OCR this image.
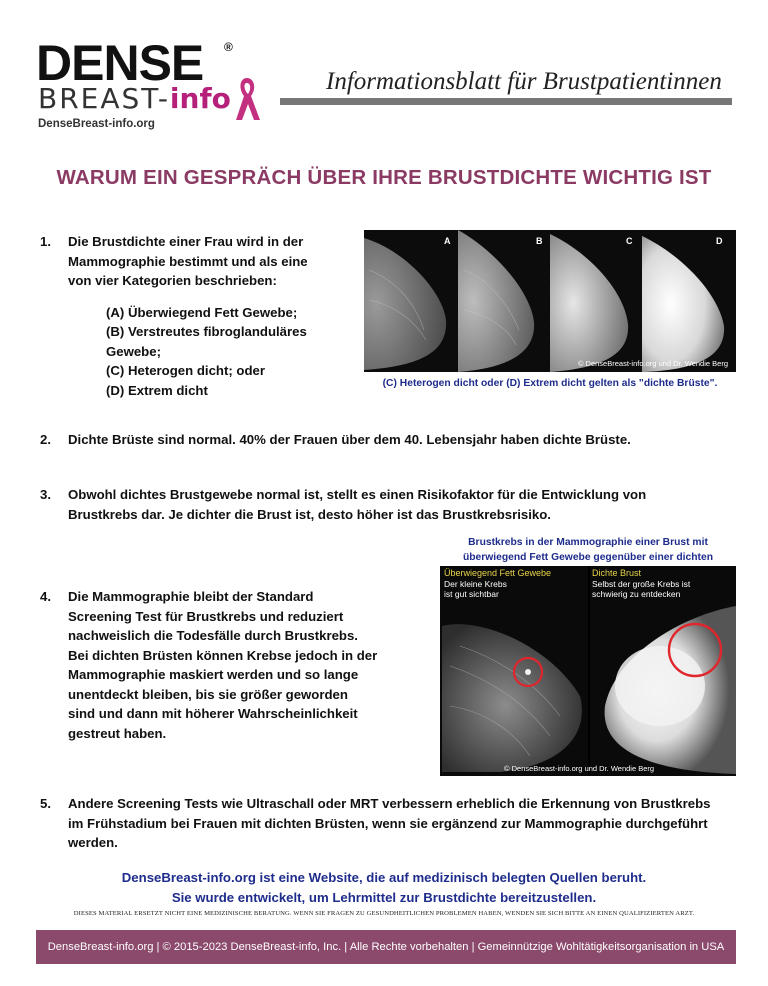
DENSE ®
BREAST-info
DenseBreast-info.org
Informationsblatt für Brustpatientinnen
WARUM EIN GESPRÄCH ÜBER IHRE BRUSTDICHTE WICHTIG IST
1. Die Brustdichte einer Frau wird in der
Mammographie bestimmt und als eine
von vier Kategorien beschrieben:
(A) Überwiegend Fett Gewebe;
(B) Verstreutes fibroglanduläres Gewebe;
(C) Heterogen dicht; oder
(D) Extrem dicht
A	B	C	D
© DenseBreast-info.org und Dr. Wendie Berg
(C) Heterogen dicht oder (D) Extrem dicht gelten als "dichte Brüste".
2. Dichte Brüste sind normal. 40% der Frauen über dem 40. Lebensjahr haben dichte Brüste.
3. Obwohl dichtes Brustgewebe normal ist, stellt es einen Risikofaktor für die Entwicklung von
Brustkrebs dar. Je dichter die Brust ist, desto höher ist das Brustkrebsrisiko.
Brustkrebs in der Mammographie einer Brust mit
überwiegend Fett Gewebe gegenüber einer dichten
4. Die Mammographie bleibt der Standard
Screening Test für Brustkrebs und reduziert
nachweislich die Todesfälle durch Brustkrebs.
Bei dichten Brüsten können Krebse jedoch in der
Mammographie maskiert werden und so lange
unentdeckt bleiben, bis sie größer geworden
sind und dann mit höherer Wahrscheinlichkeit
gestreut haben.
Überwiegend Fett Gewebe
Der kleine Krebs
ist gut sichtbar
Dichte Brust
Selbst der große Krebs ist
schwierig zu entdecken
© DenseBreast-info.org und Dr. Wendie Berg
5. Andere Screening Tests wie Ultraschall oder MRT verbessern erheblich die Erkennung von Brustkrebs
im Frühstadium bei Frauen mit dichten Brüsten, wenn sie ergänzend zur Mammographie durchgeführt
werden.
DenseBreast-info.org ist eine Website, die auf medizinisch belegten Quellen beruht.
Sie wurde entwickelt, um Lehrmittel zur Brustdichte bereitzustellen.
DIESES MATERIAL ERSETZT NICHT EINE MEDIZINISCHE BERATUNG. WENN SIE FRAGEN ZU GESUNDHEITLICHEN PROBLEMEN HABEN, WENDEN SIE SICH BITTE AN EINEN QUALIFIZIERTEN ARZT.
DenseBreast-info.org | © 2015-2023 DenseBreast-info, Inc. | Alle Rechte vorbehalten | Gemeinnützige Wohltätigkeitsorganisation in USA
